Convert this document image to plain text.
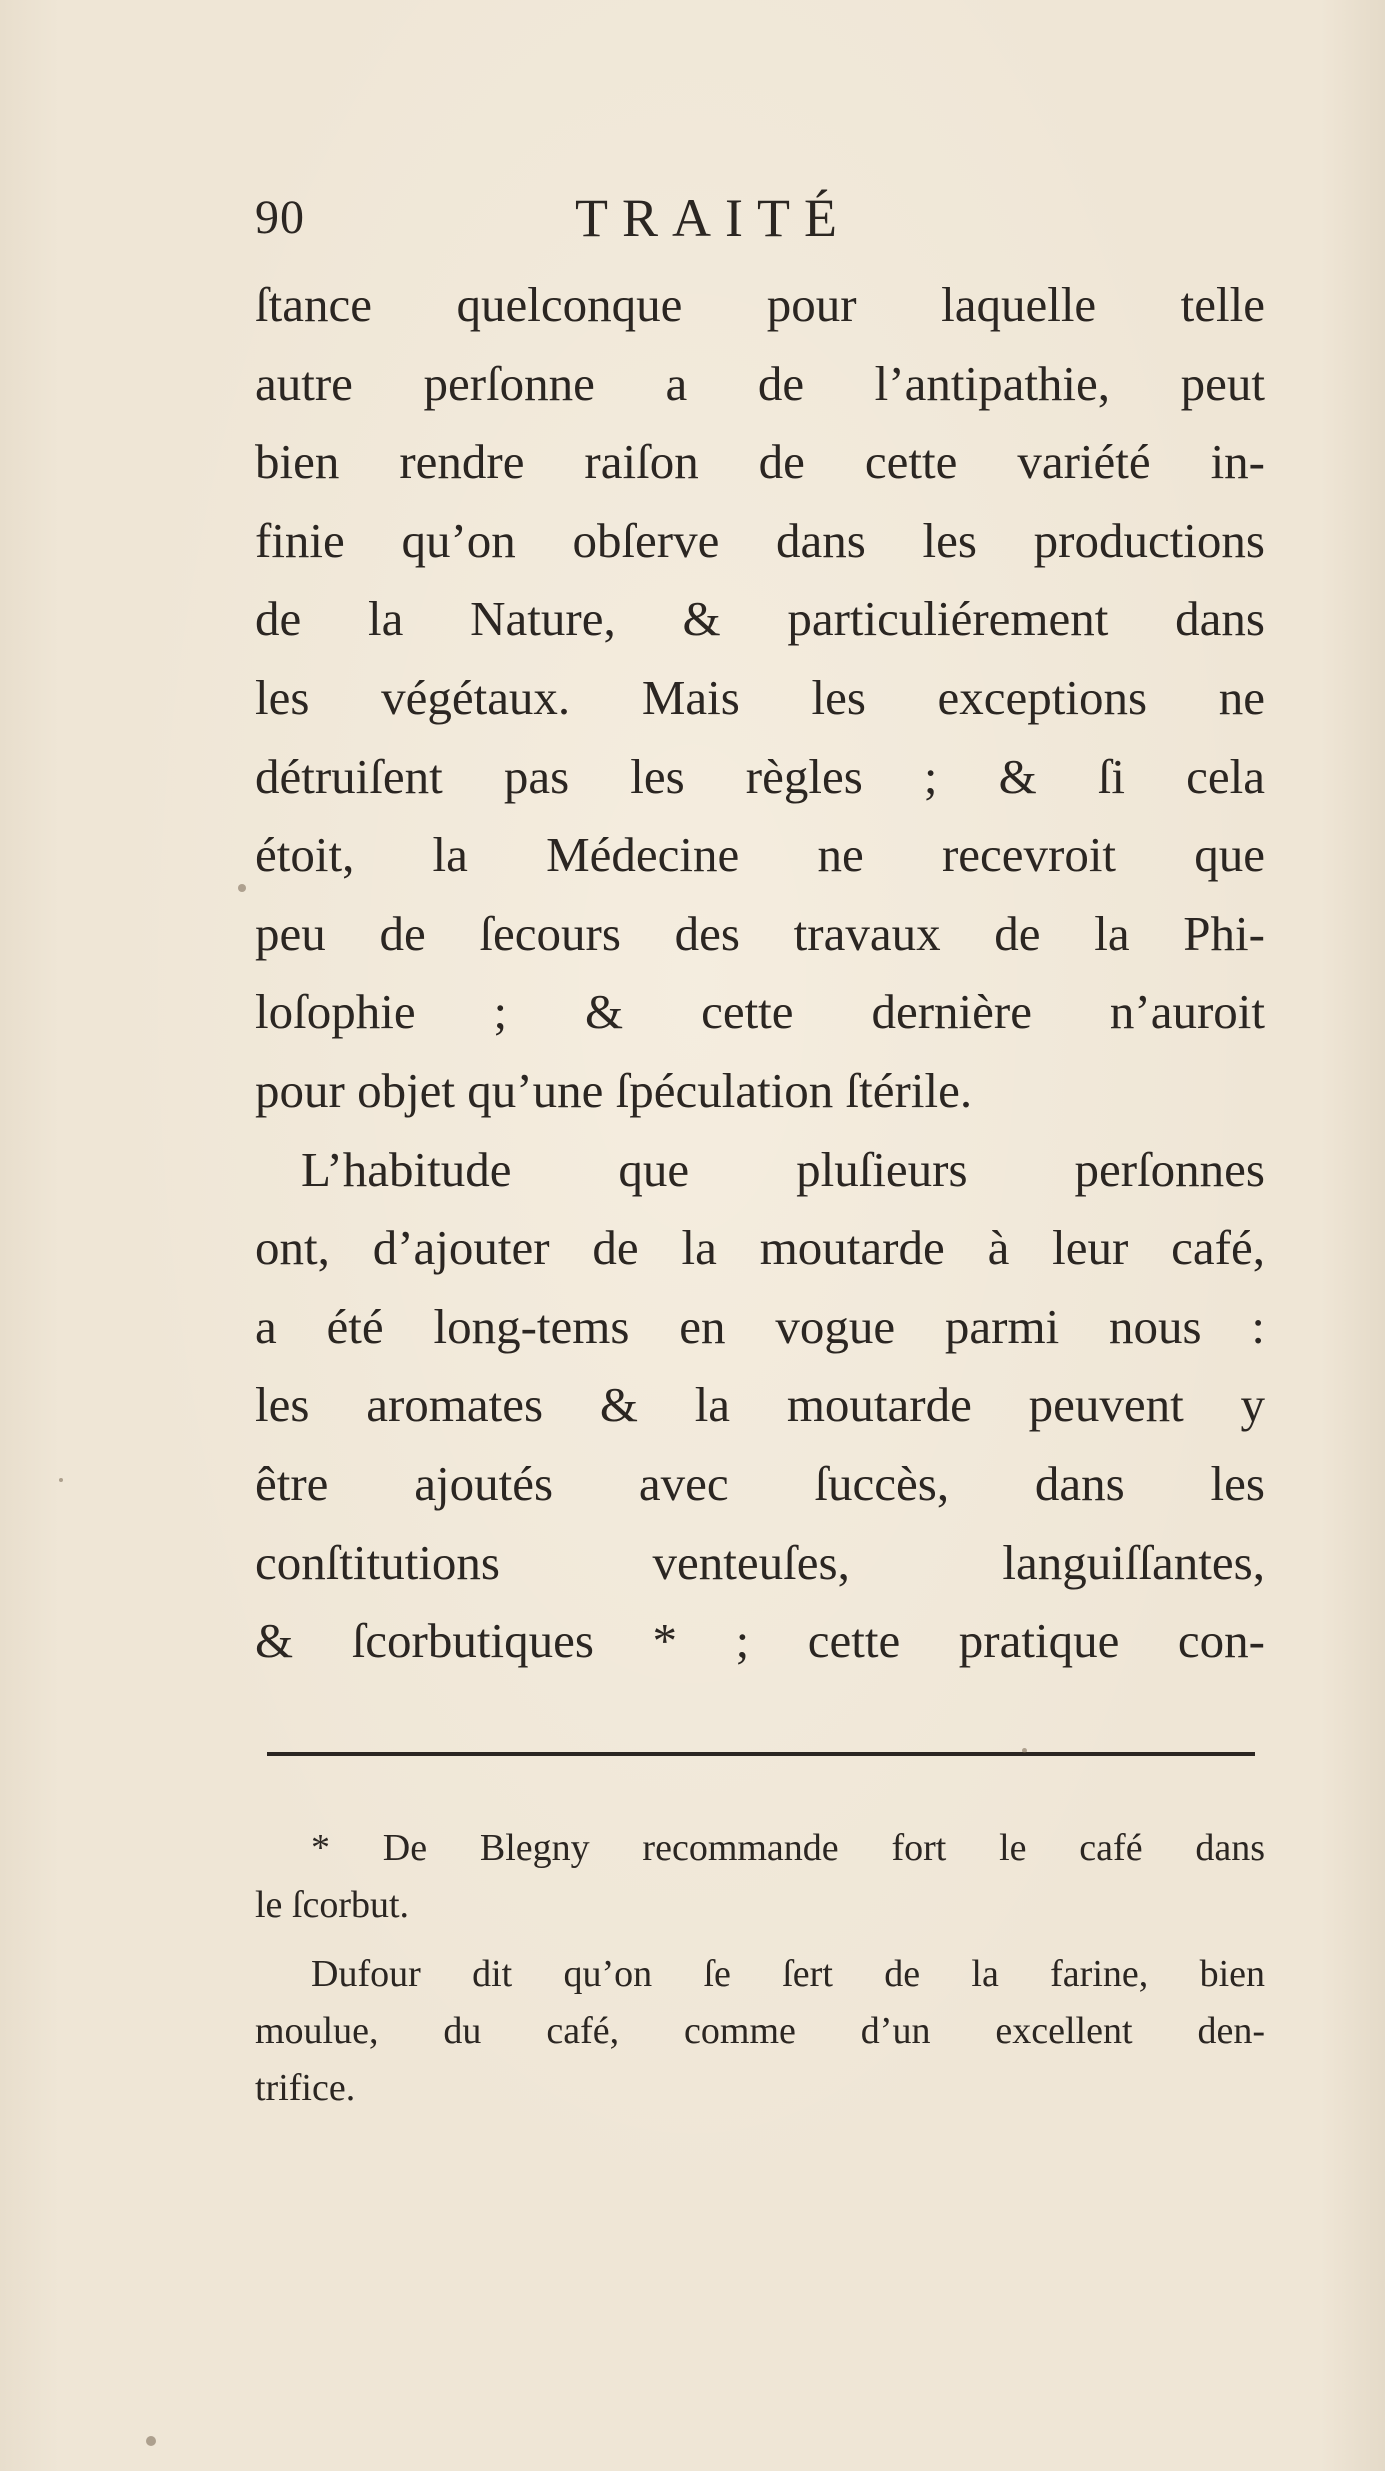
90	TRAITÉ
ſtance quelconque pour laquelle telle
autre perſonne a de l’antipathie, peut
bien rendre raiſon de cette variété in-
finie qu’on obſerve dans les productions
de la Nature, & particuliérement dans
les végétaux. Mais les exceptions ne
détruiſent pas les règles ; & ſi cela
étoit, la Médecine ne recevroit que
peu de ſecours des travaux de la Phi-
loſophie ; & cette dernière n’auroit
pour objet qu’une ſpéculation ſtérile.
L’habitude que pluſieurs perſonnes
ont, d’ajouter de la moutarde à leur café,
a été long-tems en vogue parmi nous :
les aromates & la moutarde peuvent y
être ajoutés avec ſuccès, dans les
conſtitutions venteuſes, languiſſantes,
& ſcorbutiques * ; cette pratique con-
* De Blegny recommande fort le café dans
le ſcorbut.
Dufour dit qu’on ſe ſert de la farine, bien
moulue, du café, comme d’un excellent den-
trifice.
